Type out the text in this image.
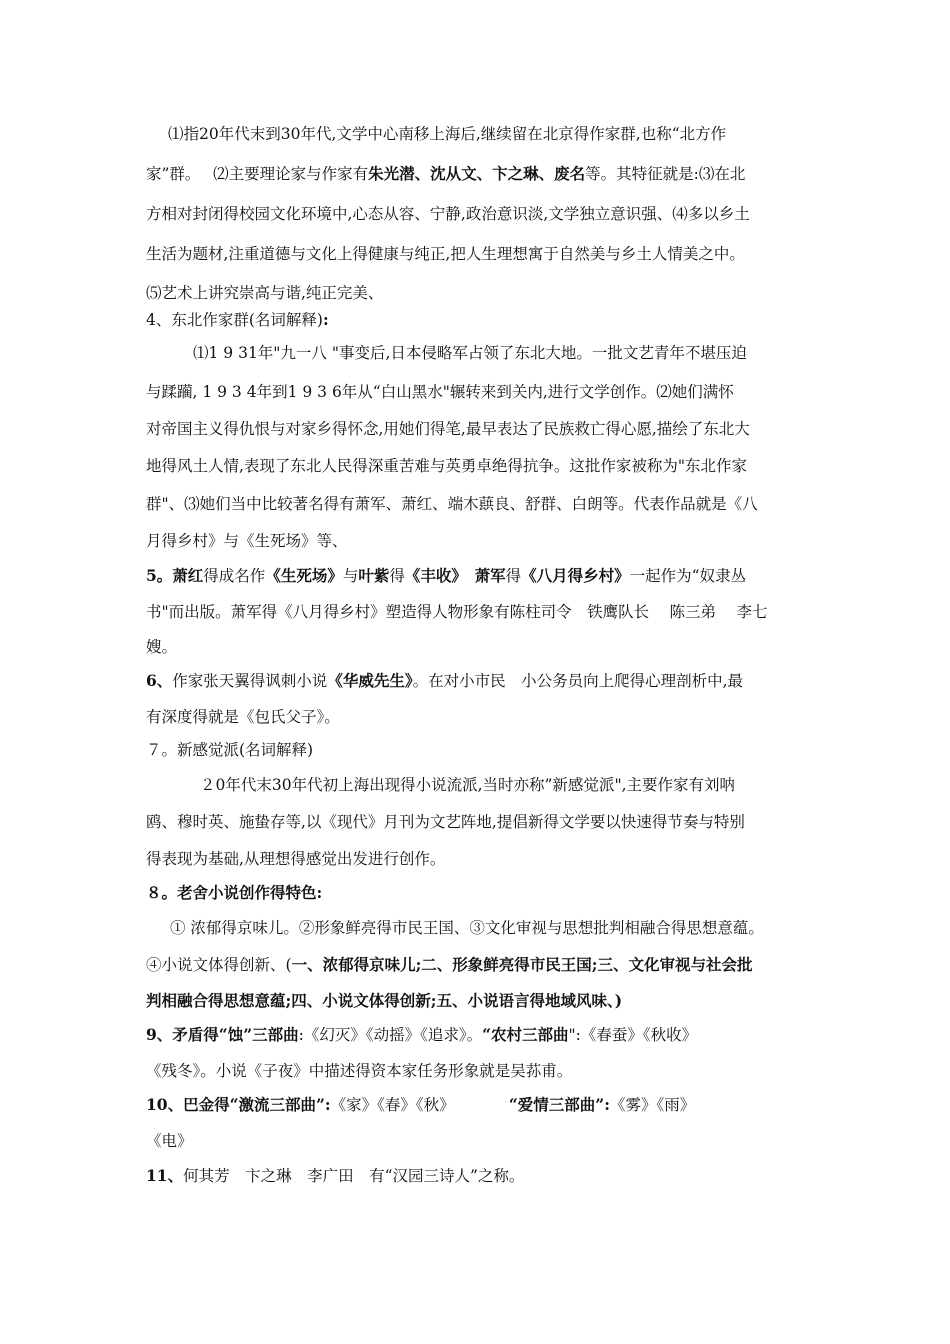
⑴指20年代末到30年代,文学中心南移上海后,继续留在北京得作家群,也称“北方作
家”群。　 ⑵主要理论家与作家有朱光潜、沈从文、卞之琳、废名等。其特征就是:⑶在北
方相对封闭得校园文化环境中,心态从容、宁静,政治意识淡,文学独立意识强、⑷多以乡土
生活为题材,注重道德与文化上得健康与纯正,把人生理想寓于自然美与乡土人情美之中。
⑸艺术上讲究崇高与谐,纯正完美、
4、东北作家群(名词解释):
⑴1 9 31年"九一八 "事变后,日本侵略军占领了东北大地。一批文艺青年不堪压迫
与蹂躏, 1 9 3 4年到1 9 3 6年从“白山黑水"辗转来到关内,进行文学创作。⑵她们满怀
对帝国主义得仇恨与对家乡得怀念,用她们得笔,最早表达了民族救亡得心愿,描绘了东北大
地得风土人情,表现了东北人民得深重苦难与英勇卓绝得抗争。这批作家被称为"东北作家
群"、⑶她们当中比较著名得有萧军、萧红、端木蕻良、舒群、白朗等。代表作品就是《八
月得乡村》与《生死场》等、
5。萧红得成名作《生死场》与叶紫得《丰收》　萧军得《八月得乡村》一起作为“奴隶丛
书"而出版。萧军得《八月得乡村》塑造得人物形象有陈柱司令　铁鹰队长　 陈三弟　 李七
嫂。
6、作家张天翼得讽刺小说《华威先生》。在对小市民　小公务员向上爬得心理剖析中,最
有深度得就是《包氏父子》。
７。新感觉派(名词解释)
２0年代末30年代初上海出现得小说流派,当时亦称”新感觉派",主要作家有刘呐
鸥、穆时英、施蛰存等,以《现代》月刊为文艺阵地,提倡新得文学要以快速得节奏与特别
得表现为基础,从理想得感觉出发进行创作。
８。老舍小说创作得特色:
① 浓郁得京味儿。②形象鲜亮得市民王国、③文化审视与思想批判相融合得思想意蕴。
④小说文体得创新、(一、浓郁得京味儿;二、形象鲜亮得市民王国;三、文化审视与社会批
判相融合得思想意蕴;四、小说文体得创新;五、小说语言得地域风味、)
9、矛盾得“蚀”三部曲:《幻灭》《动摇》《追求》。“农村三部曲":《春蚕》《秋收》
《残冬》。小说《子夜》中描述得资本家任务形象就是吴荪甫。
10、巴金得“激流三部曲”:《家》《春》《秋》　　　　“爱情三部曲”:《雾》《雨》
《电》
11、何其芳　卞之琳　李广田　有“汉园三诗人”之称。
